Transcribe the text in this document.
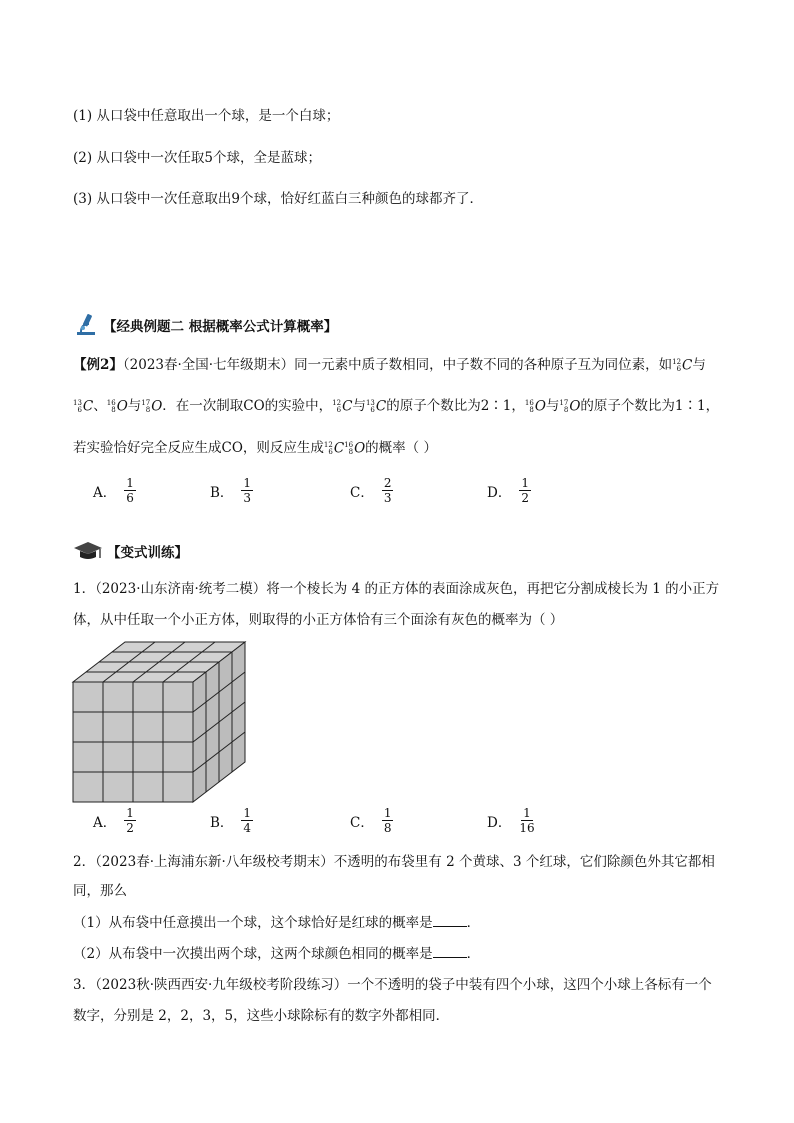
(1) 从口袋中任意取出一个球，是一个白球；
(2) 从口袋中一次任取5个球，全是蓝球；
(3) 从口袋中一次任意取出9个球，恰好红蓝白三种颜色的球都齐了．
【经典例题二 根据概率公式计算概率】
【例2】（2023春·全国·七年级期末）同一元素中质子数相同，中子数不同的各种原子互为同位素，如 12
6 C与
13
6 C、 16
8 O与 17
8 O．在一次制取CO的实验中， 12
6 C与 13
6 C的原子个数比为2∶1， 16
8 O与 17
8 O的原子个数比为1∶1，
若实验恰好完全反应生成CO，则反应生成 12
6 C 16
8 O的概率（ ）
A． $\frac{1}{6}$	B． $\frac{1}{3}$	C． $\frac{2}{3}$	D． $\frac{1}{2}$
【变式训练】
1．（2023·山东济南·统考二模）将一个棱长为 4 的正方体的表面涂成灰色，再把它分割成棱长为 1 的小正方
体，从中任取一个小正方体，则取得的小正方体恰有三个面涂有灰色的概率为（ ）
A． $\frac{1}{2}$	B． $\frac{1}{4}$	C． $\frac{1}{8}$	D． $\frac{1}{16}$
2．（2023春·上海浦东新·八年级校考期末）不透明的布袋里有 2 个黄球、3 个红球，它们除颜色外其它都相
同，那么
（1）从布袋中任意摸出一个球，这个球恰好是红球的概率是	．
（2）从布袋中一次摸出两个球，这两个球颜色相同的概率是	．
3．（2023秋·陕西西安·九年级校考阶段练习）一个不透明的袋子中装有四个小球，这四个小球上各标有一个
数字，分别是 2，2，3，5，这些小球除标有的数字外都相同．
